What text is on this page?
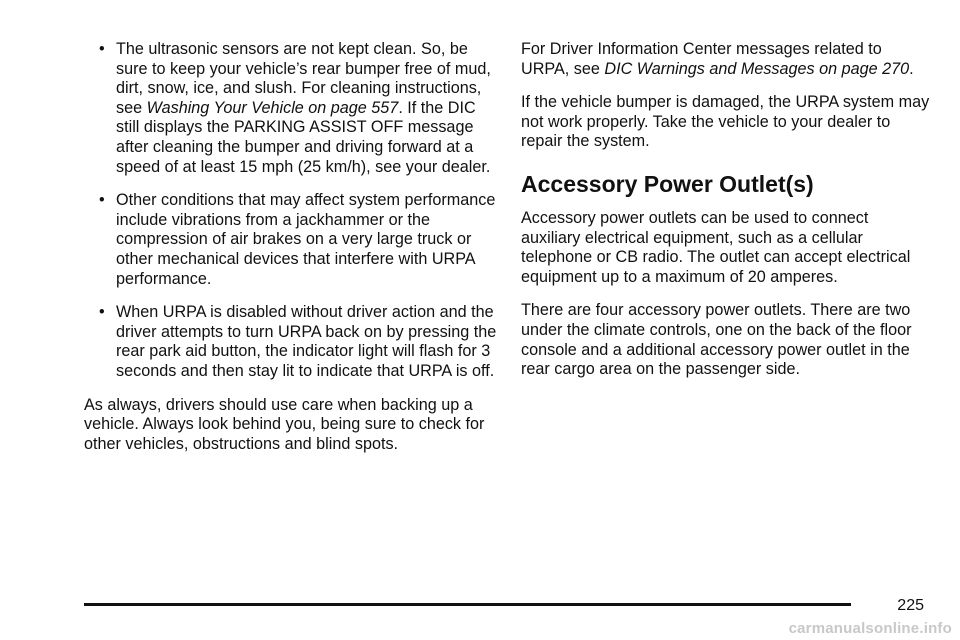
• The ultrasonic sensors are not kept clean. So, be sure to keep your vehicle’s rear bumper free of mud, dirt, snow, ice, and slush. For cleaning instructions, see Washing Your Vehicle on page 557. If the DIC still displays the PARKING ASSIST OFF message after cleaning the bumper and driving forward at a speed of at least 15 mph (25 km/h), see your dealer.
• Other conditions that may affect system performance include vibrations from a jackhammer or the compression of air brakes on a very large truck or other mechanical devices that interfere with URPA performance.
• When URPA is disabled without driver action and the driver attempts to turn URPA back on by pressing the rear park aid button, the indicator light will flash for 3 seconds and then stay lit to indicate that URPA is off.

As always, drivers should use care when backing up a vehicle. Always look behind you, being sure to check for other vehicles, obstructions and blind spots.

For Driver Information Center messages related to URPA, see DIC Warnings and Messages on page 270.

If the vehicle bumper is damaged, the URPA system may not work properly. Take the vehicle to your dealer to repair the system.

Accessory Power Outlet(s)

Accessory power outlets can be used to connect auxiliary electrical equipment, such as a cellular telephone or CB radio. The outlet can accept electrical equipment up to a maximum of 20 amperes.

There are four accessory power outlets. There are two under the climate controls, one on the back of the floor console and a additional accessory power outlet in the rear cargo area on the passenger side.

225
carmanualsonline.info
